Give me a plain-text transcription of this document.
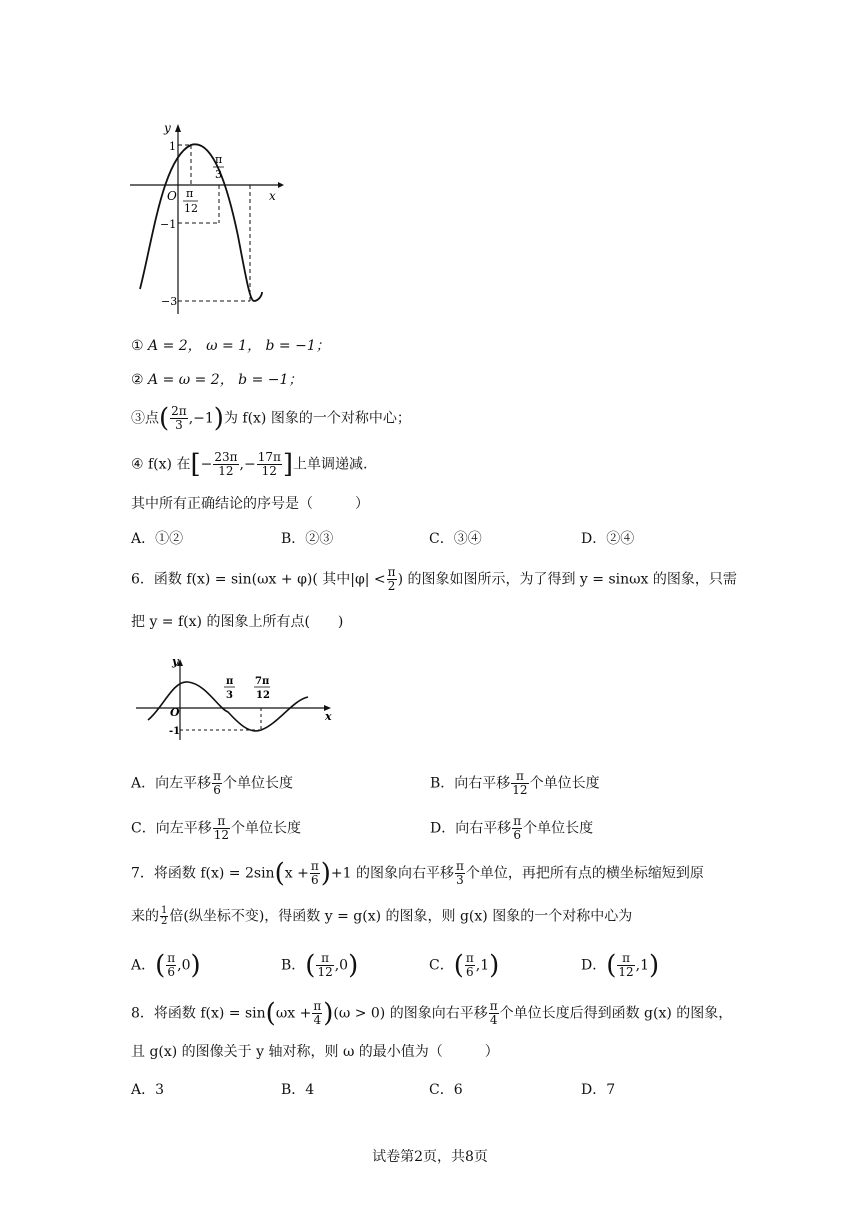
y
x
O
1
−1
−3
π
12
π
3
① A = 2， ω = 1， b = −1；
② A = ω = 2， b = −1；
③点( $\frac{2\pi}{3} ,-1$)为 f(x) 图象的一个对称中心；
④ f(x) 在[− $\frac{23\pi}{12}$ ,− $\frac{17\pi}{12}$ ]上单调递减.
其中所有正确结论的序号是（　　　）
A．①②	B．②③	C．③④	D．②④
6．函数 f(x) = sin(ωx + φ)( 其中$|\varphi| < \frac{\pi}{2}$ ) 的图象如图所示，为了得到 y = sinωx 的图象，只需
把 y = f(x) 的图象上所有点(　　)
y
x
O
-1
π
3
7π
12
A．向左平移 $\frac{\pi}{6}$ 个单位长度	B．向右平移 $\frac{\pi}{12}$ 个单位长度
C．向左平移 $\frac{\pi}{12}$ 个单位长度	D．向右平移 $\frac{\pi}{6}$ 个单位长度
7．将函数 $f(x) = 2\sin(x + \frac{\pi}{6} )+1$ 的图象向右平移 $\frac{\pi}{3}$ 个单位，再把所有点的横坐标缩短到原
来的 $\frac{1}{2}$ 倍(纵坐标不变)，得函数 y = g(x) 的图象，则 g(x) 图象的一个对称中心为
A．( $\frac{\pi}{6} ,0$)	B．( $\frac{\pi}{12} ,0$)	C．( $\frac{\pi}{6} ,1$)	D．( $\frac{\pi}{12} ,1$)
8．将函数 $f(x) = \sin(\omega x + \frac{\pi}{4} )(\omega > 0)$ 的图象向右平移 $\frac{\pi}{4}$ 个单位长度后得到函数 g(x) 的图象，
且 g(x) 的图像关于 y 轴对称，则 ω 的最小值为（　　　）
A．3	B．4	C．6	D．7
试卷第2页，共8页
